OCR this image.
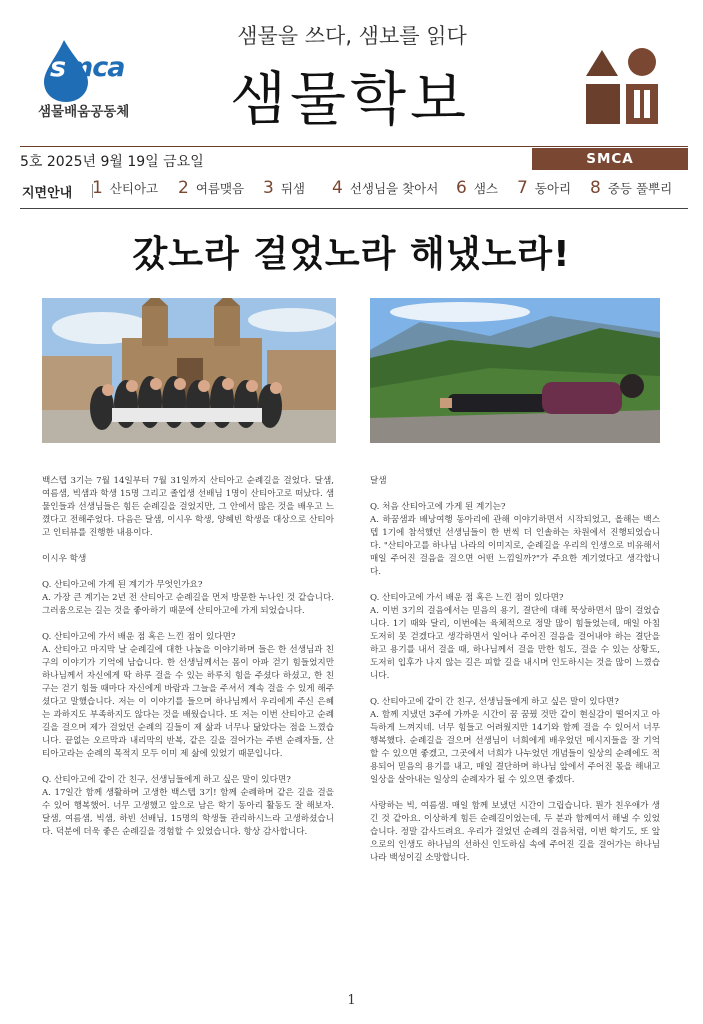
smca
샘물배움공동체
샘물을 쓰다, 샘보를 읽다
샘물학보
5호 2025년 9월 19일 금요일	SMCA
지면안내 1 산티아고 2 여름맺음 3 뒤샘 4 선생님을 찾아서 6 샘스 7 동아리 8 중등 풀뿌리
갔노라 걸었노라 해냈노라!

백스텝 3기는 7월 14일부터 7월 31일까지 산티아고 순례길을 걸었다. 달샘, 여름샘, 빅샘과 학생 15명 그리고 졸업생 선배님 1명이 산티아고로 떠났다. 샘물인들과 선생님들은 힘든 순례길을 걸었지만, 그 안에서 많은 것을 배우고 느꼈다고 전해주었다. 다음은 달샘, 이시우 학생, 양혜빈 학생을 대상으로 산티아고 인터뷰를 진행한 내용이다.

이시우 학생

Q. 산티아고에 가게 된 계기가 무엇인가요?

A. 가장 큰 계기는 2년 전 산티아고 순례길을 먼저 방문한 누나인 것 같습니다. 그러움으로는 길는 것을 좋아하기 때문에 산티아고에 가게 되었습니다.

Q. 산티아고에 가서 배운 점 혹은 느낀 점이 있다면?

A. 산티아고 마지막 날 순례길에 대한 나눔을 이야기하며 들은 한 선생님과 친구의 이야기가 기억에 남습니다. 한 선생님께서는 몸이 아파 걷기 힘들었지만 하나님께서 자신에게 딱 하루 걸을 수 있는 하루치 힘을 주셨다 하셨고, 한 친구는 걷기 힘들 때마다 자신에게 바람과 그늘을 주셔서 계속 걸을 수 있게 해주셨다고 말했습니다. 저는 이 이야기를 들으며 하나님께서 우리에게 주신 은혜는 과하지도 부족하지도 않다는 것을 배웠습니다. 또 저는 이번 산티아고 순례길을 걸으며 제가 걸었던 순례의 길들이 제 삶과 너무나 닮았다는 점을 느꼈습니다. 끝없는 오르막과 내리막의 반복, 같은 길을 걸어가는 주변 순례자들, 산티아고라는 순례의 목적지 모두 이미 제 삶에 있었기 때문입니다.

Q. 산티아고에 같이 간 친구, 선생님들에게 하고 싶은 말이 있다면?

A. 17일간 함께 생활하며 고생한 백스텝 3기! 함께 순례하며 같은 길을 걸을 수 있어 행복했어. 너무 고생했고 앞으로 남은 학기 동아리 활동도 잘 해보자. 달샘, 여름샘, 빅샘, 하빈 선배님, 15명의 학생들 관리하시느라 고생하셨습니다. 덕분에 더욱 좋은 순례길을 경험할 수 있었습니다. 항상 감사합니다.

달샘

Q. 처음 산티아고에 가게 된 계기는?

A. 하꿈샘과 배낭여행 동아리에 관해 이야기하면서 시작되었고, 올해는 백스텝 1기에 참석했던 선생님들이 한 번씩 더 인솔하는 차원에서 진행되었습니다. "산티아고를 하나님 나라의 이미지로, 순례길을 우리의 인생으로 비유해서 매일 주어진 걸음을 걸으면 어떤 느낌일까?"가 주요한 계기였다고 생각합니다.

Q. 산티아고에 가서 배운 점 혹은 느낀 점이 있다면?

A. 이번 3기의 걸음에서는 믿음의 용기, 결단에 대해 묵상하면서 많이 걸었습니다. 1기 때와 달리, 이번에는 육체적으로 정말 많이 힘들었는데, 매일 아침 도저히 못 걷겠다고 생각하면서 일어나 주어진 걸음을 걸어내야 하는 결단을 하고 용기를 내서 걸을 때, 하나님께서 걸을 만한 힘도, 걸을 수 있는 상황도, 도저히 입후가 나지 않는 길은 피할 길을 내시며 인도하시는 것을 많이 느꼈습니다.

Q. 산티아고에 같이 간 친구, 선생님들에게 하고 싶은 말이 있다면?

A. 함께 지냈던 3주에 가까운 시간이 꿈 꿈꿨 것만 같이 현실감이 떨어지고 아득하게 느껴지네. 너무 힘들고 어려웠지만 14기와 함께 걸을 수 있어서 너무 행복했다. 순례길을 걸으며 선생님이 너희에게 배우었던 메시지들을 잘 기억할 수 있으면 좋겠고, 그곳에서 너희가 나누었던 개념들이 일상의 순례에도 적용되어 믿음의 용기를 내고, 매일 결단하며 하나님 앞에서 주어진 몫을 해내고 일상을 살아내는 일상의 순례자가 될 수 있으면 좋겠다.

사랑하는 빅, 여름샘. 매일 함께 보냈던 시간이 그립습니다. 뭔가 친우애가 생긴 것 같아요. 이상하게 힘든 순례길이었는데, 두 분과 함께여서 해낼 수 있었습니다. 정말 감사드려요. 우리가 걸었던 순례의 걸음처럼, 이번 학기도, 또 앞으로의 인생도 하나님의 선하신 인도하심 속에 주어진 길을 걸어가는 하나님 나라 백성이길 소망합니다.

1
